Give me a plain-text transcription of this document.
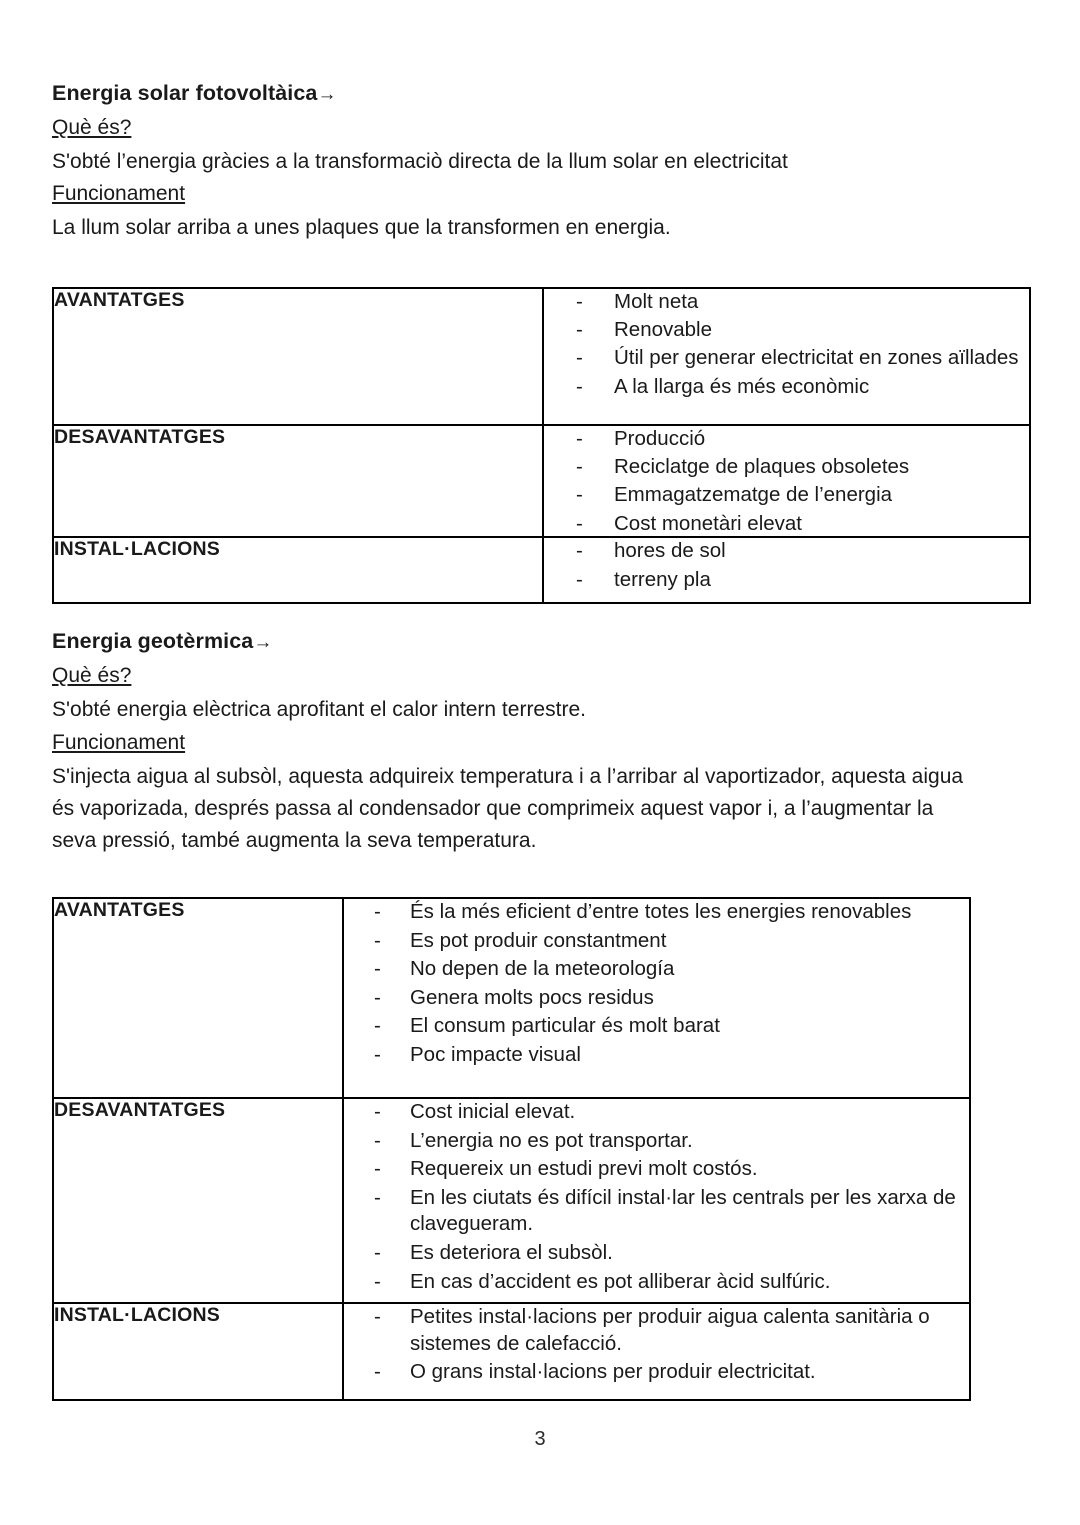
Energia solar fotovoltàica→
Què és?
S'obté l’energia gràcies a la transformaciò directa de la llum solar en electricitat
Funcionament
La llum solar arriba a unes plaques que la transformen en energia.
AVANTATGES	- Molt neta
- Renovable
- Útil per generar electricitat en zones aïllades
- A la llarga és més econòmic

DESAVANTATGES	- Producció
- Reciclatge de plaques obsoletes
- Emmagatzematge de l’energia
- Cost monetàri elevat

INSTAL·LACIONS	- hores de sol
- terreny pla
Energia geotèrmica→
Què és?
S'obté energia elèctrica aprofitant el calor intern terrestre.
Funcionament
S'injecta aigua al subsòl, aquesta adquireix temperatura i a l’arribar al vaportizador, aquesta aigua és vaporizada, després passa al condensador que comprimeix aquest vapor i, a l’augmentar la seva pressió, també augmenta la seva temperatura.
AVANTATGES	- És la més eficient d’entre totes les energies renovables
- Es pot produir constantment
- No depen de la meteorología
- Genera molts pocs residus
- El consum particular és molt barat
- Poc impacte visual

DESAVANTATGES	- Cost inicial elevat.
- L’energia no es pot transportar.
- Requereix un estudi previ molt costós.
- En les ciutats és difícil instal·lar les centrals per les xarxa de clavegueram.
- Es deteriora el subsòl.
- En cas d’accident es pot alliberar àcid sulfúric.

INSTAL·LACIONS	- Petites instal·lacions per produir aigua calenta sanitària o sistemes de calefacció.
- O grans instal·lacions per produir electricitat.
3
